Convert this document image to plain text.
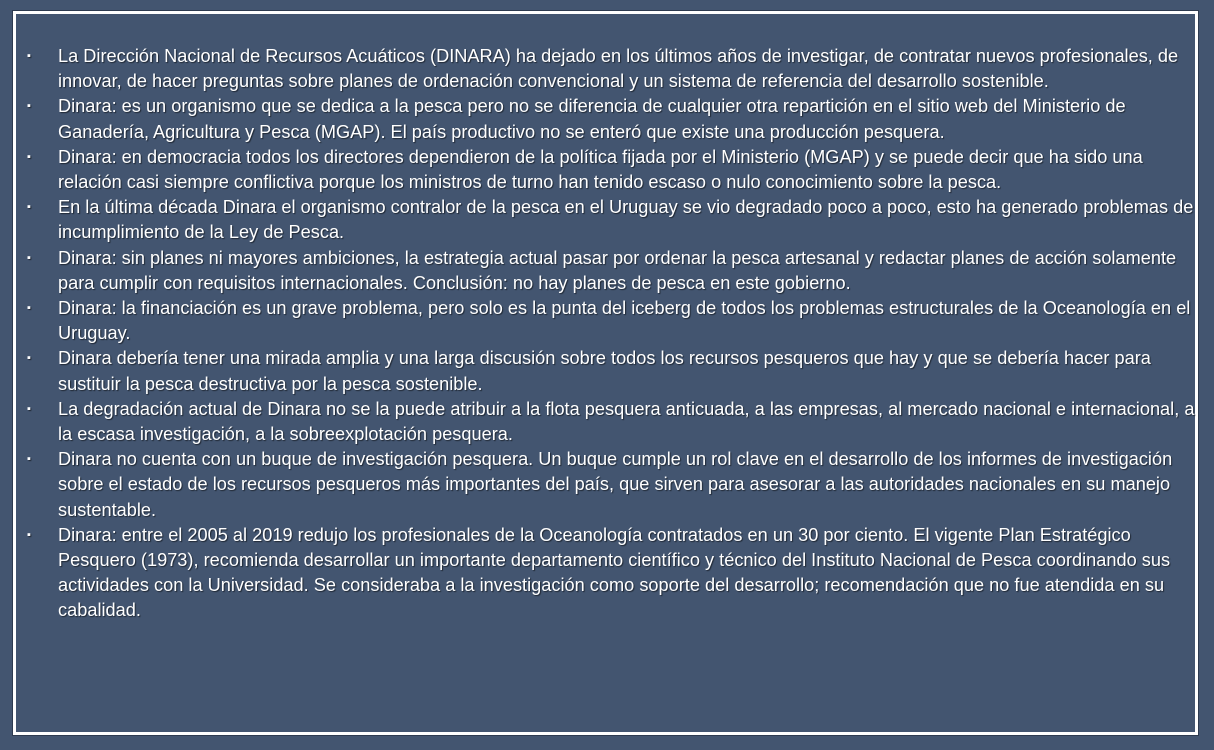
▪ La Dirección Nacional de Recursos Acuáticos (DINARA) ha dejado en los últimos años de investigar, de contratar nuevos profesionales, de innovar, de hacer preguntas sobre planes de ordenación convencional y un sistema de referencia del desarrollo sostenible.
▪ Dinara: es un organismo que se dedica a la pesca pero no se diferencia de cualquier otra repartición en el sitio web del Ministerio de Ganadería, Agricultura y Pesca (MGAP). El país productivo no se enteró que existe una producción pesquera.
▪ Dinara: en democracia todos los directores dependieron de la política fijada por el Ministerio (MGAP) y se puede decir que ha sido una relación casi siempre conflictiva porque los ministros de turno han tenido escaso o nulo conocimiento sobre la pesca.
▪ En la última década Dinara el organismo contralor de la pesca en el Uruguay se vio degradado poco a poco, esto ha generado problemas de incumplimiento de la Ley de Pesca.
▪ Dinara: sin planes ni mayores ambiciones, la estrategia actual pasar por ordenar la pesca artesanal y redactar planes de acción solamente para cumplir con requisitos internacionales. Conclusión: no hay planes de pesca en este gobierno.
▪ Dinara: la financiación es un grave problema, pero solo es la punta del iceberg de todos los problemas estructurales de la Oceanología en el Uruguay.
▪ Dinara debería tener una mirada amplia y una larga discusión sobre todos los recursos pesqueros que hay y que se debería hacer para sustituir la pesca destructiva por la pesca sostenible.
▪ La degradación actual de Dinara no se la puede atribuir a la flota pesquera anticuada, a las empresas, al mercado nacional e internacional, a la escasa investigación, a la sobreexplotación pesquera.
▪ Dinara no cuenta con un buque de investigación pesquera. Un buque cumple un rol clave en el desarrollo de los informes de investigación sobre el estado de los recursos pesqueros más importantes del país, que sirven para asesorar a las autoridades nacionales en su manejo sustentable.
▪ Dinara: entre el 2005 al 2019 redujo los profesionales de la Oceanología contratados en un 30 por ciento. El vigente Plan Estratégico Pesquero (1973), recomienda desarrollar un importante departamento científico y técnico del Instituto Nacional de Pesca coordinando sus actividades con la Universidad. Se consideraba a la investigación como soporte del desarrollo; recomendación que no fue atendida en su cabalidad.
